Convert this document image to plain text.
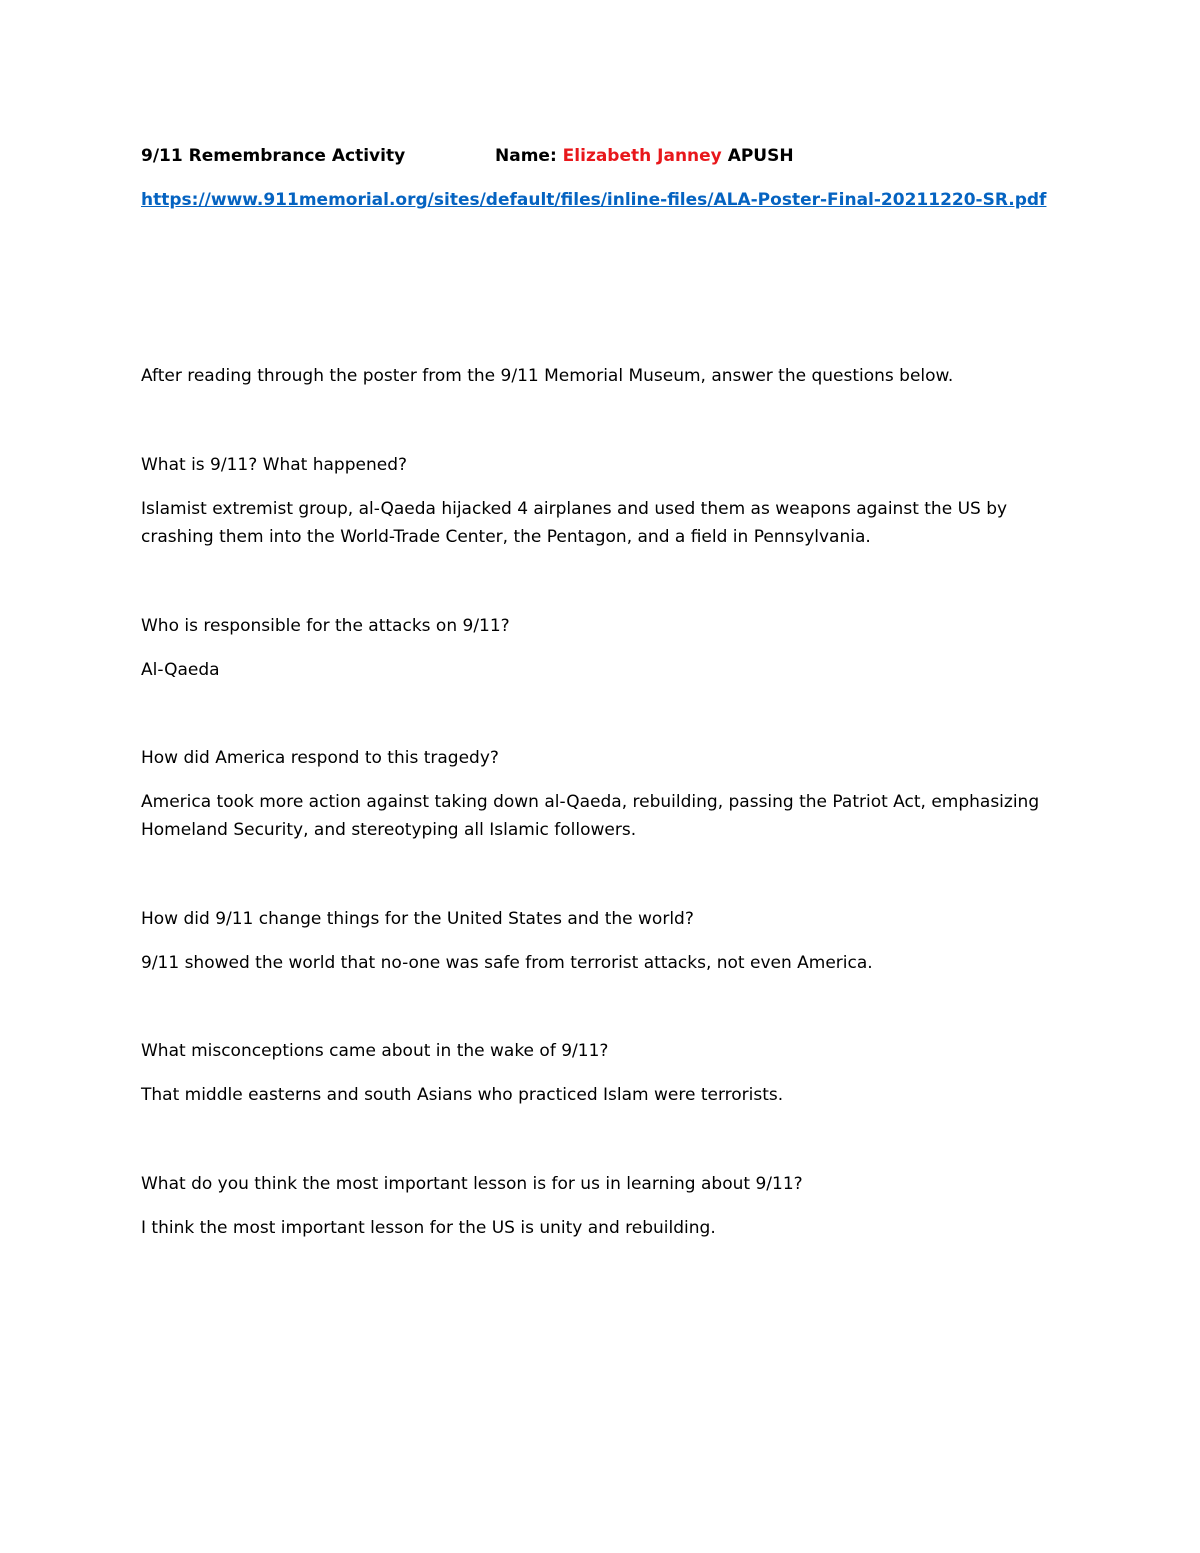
9/11 Remembrance Activity	Name: Elizabeth Janney APUSH
https://www.911memorial.org/sites/default/files/inline-files/ALA-Poster-Final-20211220-SR.pdf

After reading through the poster from the 9/11 Memorial Museum, answer the questions below.

What is 9/11? What happened?

Islamist extremist group, al-Qaeda hijacked 4 airplanes and used them as weapons against the US by crashing them into the World-Trade Center, the Pentagon, and a field in Pennsylvania.

Who is responsible for the attacks on 9/11?

Al-Qaeda

How did America respond to this tragedy?

America took more action against taking down al-Qaeda, rebuilding, passing the Patriot Act, emphasizing Homeland Security, and stereotyping all Islamic followers.

How did 9/11 change things for the United States and the world?

9/11 showed the world that no-one was safe from terrorist attacks, not even America.

What misconceptions came about in the wake of 9/11?

That middle easterns and south Asians who practiced Islam were terrorists.

What do you think the most important lesson is for us in learning about 9/11?

I think the most important lesson for the US is unity and rebuilding.
